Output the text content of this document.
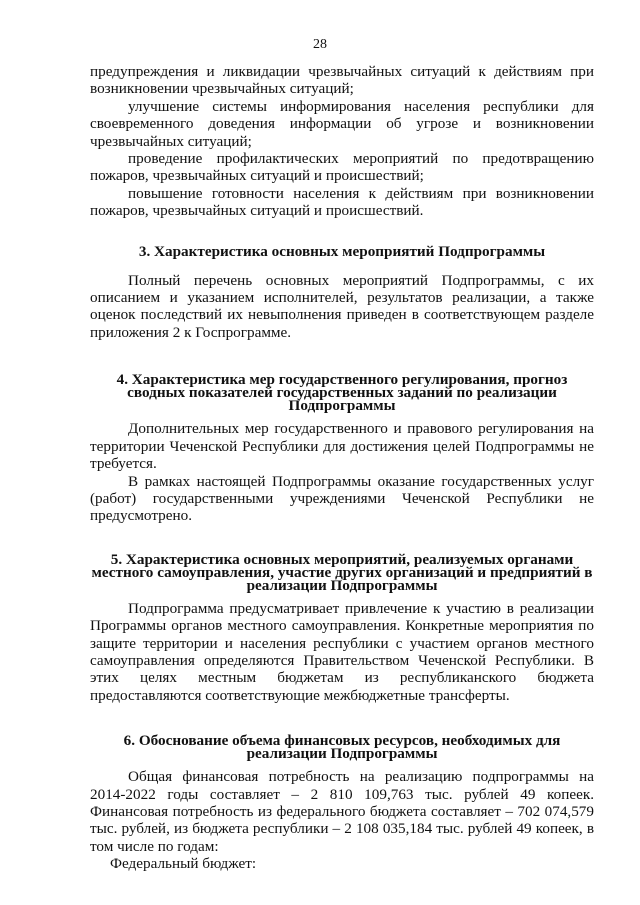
28

предупреждения и ликвидации чрезвычайных ситуаций к действиям при возникновении чрезвычайных ситуаций;

улучшение системы информирования населения республики для своевременного доведения информации об угрозе и возникновении чрезвычайных ситуаций;

проведение профилактических мероприятий по предотвращению пожаров, чрезвычайных ситуаций и происшествий;

повышение готовности населения к действиям при возникновении пожаров, чрезвычайных ситуаций и происшествий.

3. Характеристика основных мероприятий Подпрограммы

Полный перечень основных мероприятий Подпрограммы, с их описанием и указанием исполнителей, результатов реализации, а также оценок последствий их невыполнения приведен в соответствующем разделе приложения 2 к Госпрограмме.

4. Характеристика мер государственного регулирования, прогноз сводных показателей государственных заданий по реализации Подпрограммы

Дополнительных мер государственного и правового регулирования на территории Чеченской Республики для достижения целей Подпрограммы не требуется.

В рамках настоящей Подпрограммы оказание государственных услуг (работ) государственными учреждениями Чеченской Республики не предусмотрено.

5. Характеристика основных мероприятий, реализуемых органами местного самоуправления, участие других организаций и предприятий в реализации Подпрограммы

Подпрограмма предусматривает привлечение к участию в реализации Программы органов местного самоуправления. Конкретные мероприятия по защите территории и населения республики с участием органов местного самоуправления определяются Правительством Чеченской Республики. В этих целях местным бюджетам из республиканского бюджета предоставляются соответствующие межбюджетные трансферты.

6. Обоснование объема финансовых ресурсов, необходимых для реализации Подпрограммы

Общая финансовая потребность на реализацию подпрограммы на 2014-2022 годы составляет – 2 810 109,763 тыс. рублей 49 копеек. Финансовая потребность из федерального бюджета составляет – 702 074,579 тыс. рублей, из бюджета республики – 2 108 035,184 тыс. рублей 49 копеек, в том числе по годам:

Федеральный бюджет:
